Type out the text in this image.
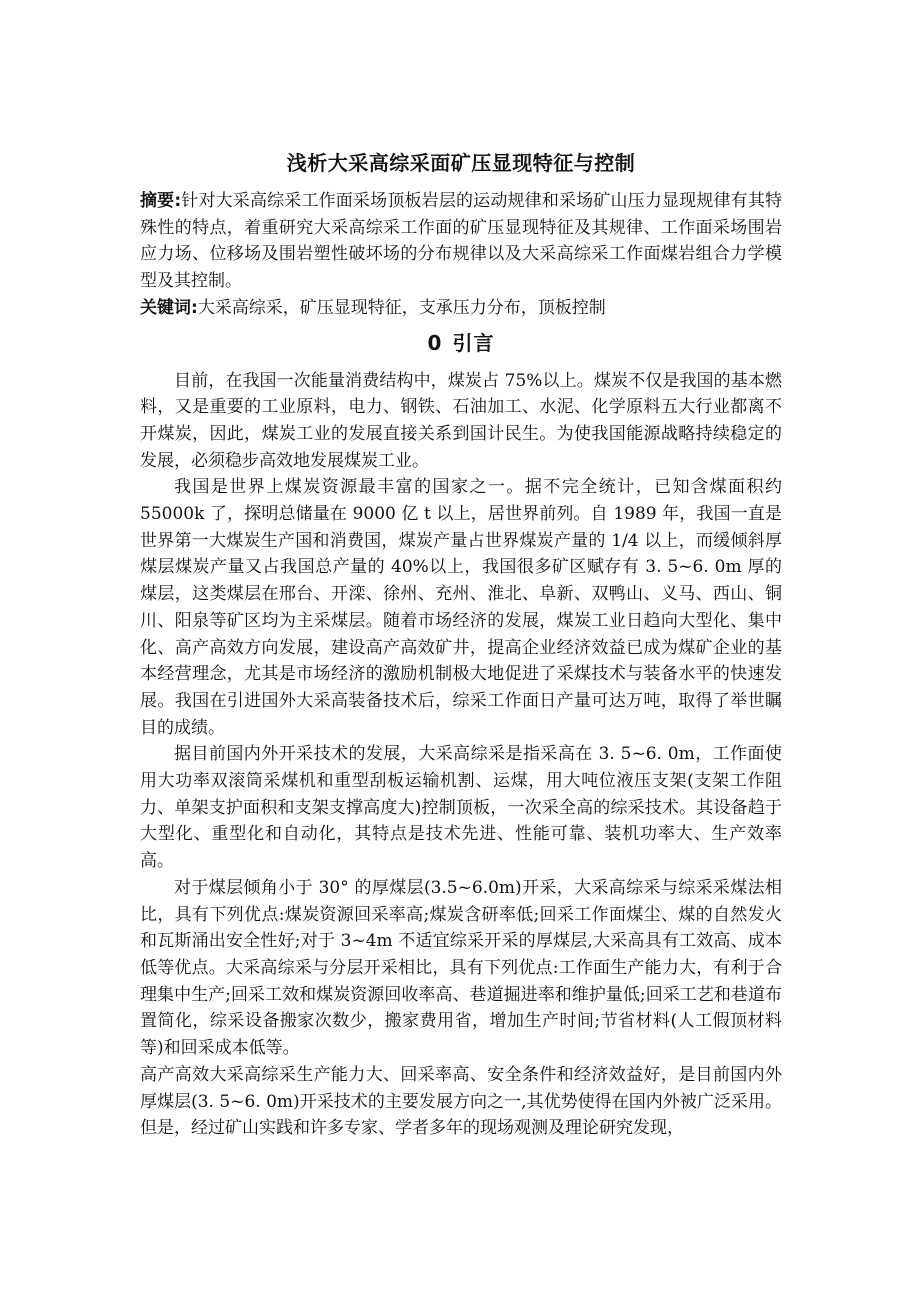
浅析大采高综采面矿压显现特征与控制

摘要:针对大采高综采工作面采场顶板岩层的运动规律和采场矿山压力显现规律有其特殊性的特点，着重研究大采高综采工作面的矿压显现特征及其规律、工作面采场围岩应力场、位移场及围岩塑性破坏场的分布规律以及大采高综采工作面煤岩组合力学模型及其控制。

关键词:大采高综采，矿压显现特征，支承压力分布，顶板控制

0 引言

目前，在我国一次能量消费结构中，煤炭占 75%以上。煤炭不仅是我国的基本燃料，又是重要的工业原料，电力、钢铁、石油加工、水泥、化学原料五大行业都离不开煤炭，因此，煤炭工业的发展直接关系到国计民生。为使我国能源战略持续稳定的发展，必须稳步高效地发展煤炭工业。

我国是世界上煤炭资源最丰富的国家之一。据不完全统计，已知含煤面积约 55000k 了，探明总储量在 9000 亿 t 以上，居世界前列。自 1989 年，我国一直是世界第一大煤炭生产国和消费国，煤炭产量占世界煤炭产量的 1/4 以上，而缓倾斜厚煤层煤炭产量又占我国总产量的 40%以上，我国很多矿区赋存有 3. 5~6. 0m 厚的煤层，这类煤层在邢台、开滦、徐州、充州、淮北、阜新、双鸭山、义马、西山、铜川、阳泉等矿区均为主采煤层。随着市场经济的发展，煤炭工业日趋向大型化、集中化、高产高效方向发展，建设高产高效矿井，提高企业经济效益已成为煤矿企业的基本经营理念，尤其是市场经济的激励机制极大地促进了采煤技术与装备水平的快速发展。我国在引进国外大采高装备技术后，综采工作面日产量可达万吨，取得了举世瞩目的成绩。

据目前国内外开采技术的发展，大采高综采是指采高在 3. 5~6. 0m，工作面使用大功率双滚筒采煤机和重型刮板运输机割、运煤，用大吨位液压支架(支架工作阻力、单架支护面积和支架支撑高度大)控制顶板，一次采全高的综采技术。其设备趋于大型化、重型化和自动化，其特点是技术先进、性能可靠、装机功率大、生产效率高。

对于煤层倾角小于 30° 的厚煤层(3.5~6.0m)开采，大采高综采与综采采煤法相比，具有下列优点:煤炭资源回采率高;煤炭含研率低;回采工作面煤尘、煤的自然发火和瓦斯涌出安全性好;对于 3~4m 不适宜综采开采的厚煤层,大采高具有工效高、成本低等优点。大采高综采与分层开采相比，具有下列优点:工作面生产能力大，有利于合理集中生产;回采工效和煤炭资源回收率高、巷道掘进率和维护量低;回采工艺和巷道布置简化，综采设备搬家次数少，搬家费用省，增加生产时间;节省材料(人工假顶材料等)和回采成本低等。

高产高效大采高综采生产能力大、回采率高、安全条件和经济效益好，是目前国内外厚煤层(3. 5~6. 0m)开采技术的主要发展方向之一,其优势使得在国内外被广泛采用。但是，经过矿山实践和许多专家、学者多年的现场观测及理论研究发现，
